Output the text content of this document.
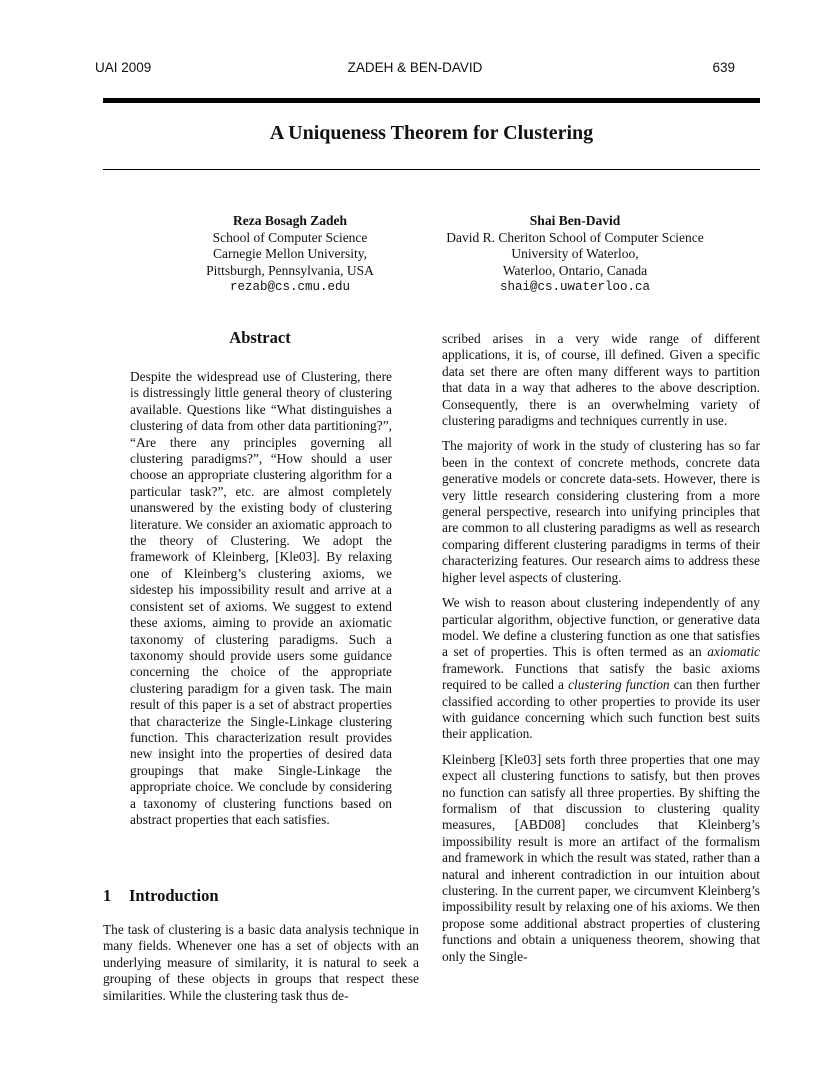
UAI 2009	ZADEH & BEN-DAVID	639
A Uniqueness Theorem for Clustering
Reza Bosagh Zadeh
School of Computer Science
Carnegie Mellon University,
Pittsburgh, Pennsylvania, USA
rezab@cs.cmu.edu
Shai Ben-David
David R. Cheriton School of Computer Science
University of Waterloo,
Waterloo, Ontario, Canada
shai@cs.uwaterloo.ca
Abstract
Despite the widespread use of Clustering, there is distressingly little general theory of clustering available. Questions like “What distinguishes a clustering of data from other data partitioning?”, “Are there any principles governing all clustering paradigms?”, “How should a user choose an appropriate clustering algorithm for a particular task?”, etc. are almost completely unanswered by the existing body of clustering literature. We consider an axiomatic approach to the theory of Clustering. We adopt the framework of Kleinberg, [Kle03]. By relaxing one of Kleinberg’s clustering axioms, we sidestep his impossibility result and arrive at a consistent set of axioms. We suggest to extend these axioms, aiming to provide an axiomatic taxonomy of clustering paradigms. Such a taxonomy should provide users some guidance concerning the choice of the appropriate clustering paradigm for a given task. The main result of this paper is a set of abstract properties that characterize the Single-Linkage clustering function. This characterization result provides new insight into the properties of desired data groupings that make Single-Linkage the appropriate choice. We conclude by considering a taxonomy of clustering functions based on abstract properties that each satisfies.
1 Introduction
The task of clustering is a basic data analysis technique in many fields. Whenever one has a set of objects with an underlying measure of similarity, it is natural to seek a grouping of these objects in groups that respect these similarities. While the clustering task thus de-

scribed arises in a very wide range of different applications, it is, of course, ill defined. Given a specific data set there are often many different ways to partition that data in a way that adheres to the above description. Consequently, there is an overwhelming variety of clustering paradigms and techniques currently in use.

The majority of work in the study of clustering has so far been in the context of concrete methods, concrete data generative models or concrete data-sets. However, there is very little research considering clustering from a more general perspective, research into unifying principles that are common to all clustering paradigms as well as research comparing different clustering paradigms in terms of their characterizing features. Our research aims to address these higher level aspects of clustering.

We wish to reason about clustering independently of any particular algorithm, objective function, or generative data model. We define a clustering function as one that satisfies a set of properties. This is often termed as an axiomatic framework. Functions that satisfy the basic axioms required to be called a clustering function can then further classified according to other properties to provide its user with guidance concerning which such function best suits their application.

Kleinberg [Kle03] sets forth three properties that one may expect all clustering functions to satisfy, but then proves no function can satisfy all three properties. By shifting the formalism of that discussion to clustering quality measures, [ABD08] concludes that Kleinberg’s impossibility result is more an artifact of the formalism and framework in which the result was stated, rather than a natural and inherent contradiction in our intuition about clustering. In the current paper, we circumvent Kleinberg’s impossibility result by relaxing one of his axioms. We then propose some additional abstract properties of clustering functions and obtain a uniqueness theorem, showing that only the Single-
